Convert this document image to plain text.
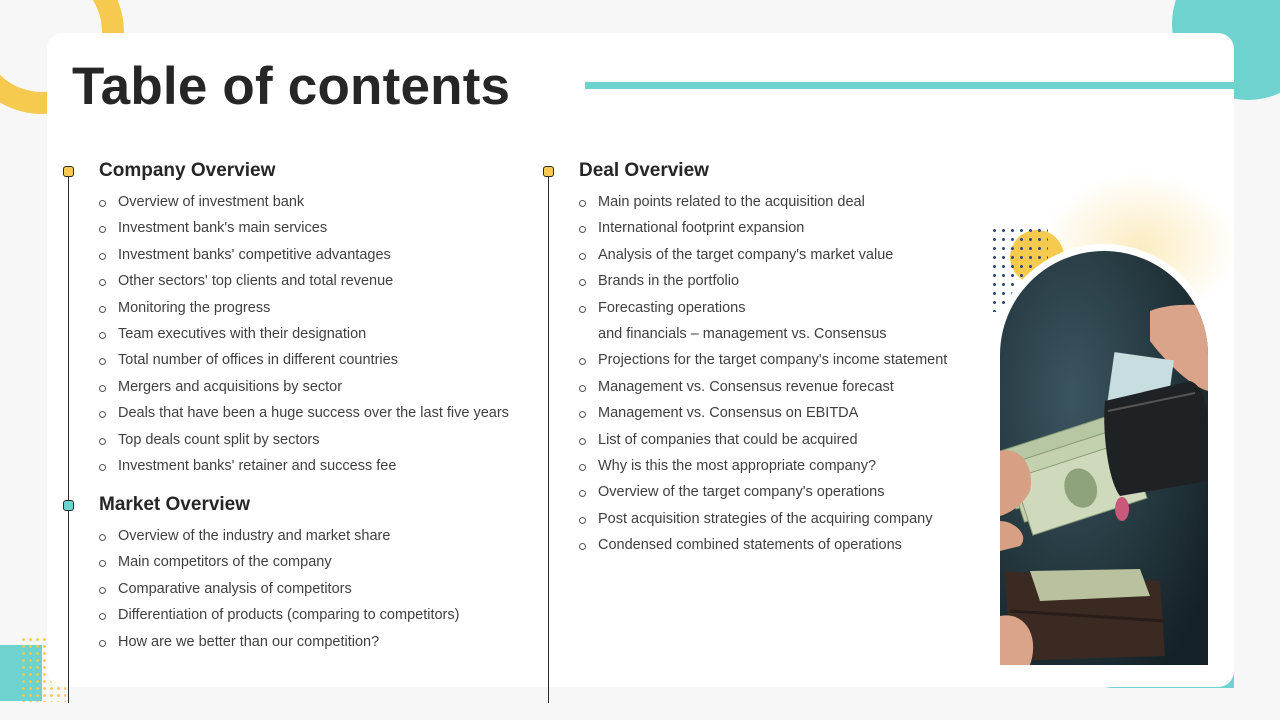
Table of contents
Company Overview
Overview of investment bank
Investment bank's main services
Investment banks' competitive advantages
Other sectors' top clients and total revenue
Monitoring the progress
Team executives with their designation
Total number of offices in different countries
Mergers and acquisitions by sector
Deals that have been a huge success over the last five years
Top deals count split by sectors
Investment banks' retainer and success fee
Market Overview
Overview of the industry and market share
Main competitors of the company
Comparative analysis of competitors
Differentiation of products (comparing to competitors)
How are we better than our competition?
Deal Overview
Main points related to the acquisition deal
International footprint expansion
Analysis of the target company's market value
Brands in the portfolio
Forecasting operations
and financials – management vs. Consensus
Projections for the target company's income statement
Management vs. Consensus revenue forecast
Management vs. Consensus on EBITDA
List of companies that could be acquired
Why is this the most appropriate company?
Overview of the target company's operations
Post acquisition strategies of the acquiring company
Condensed combined statements of operations
